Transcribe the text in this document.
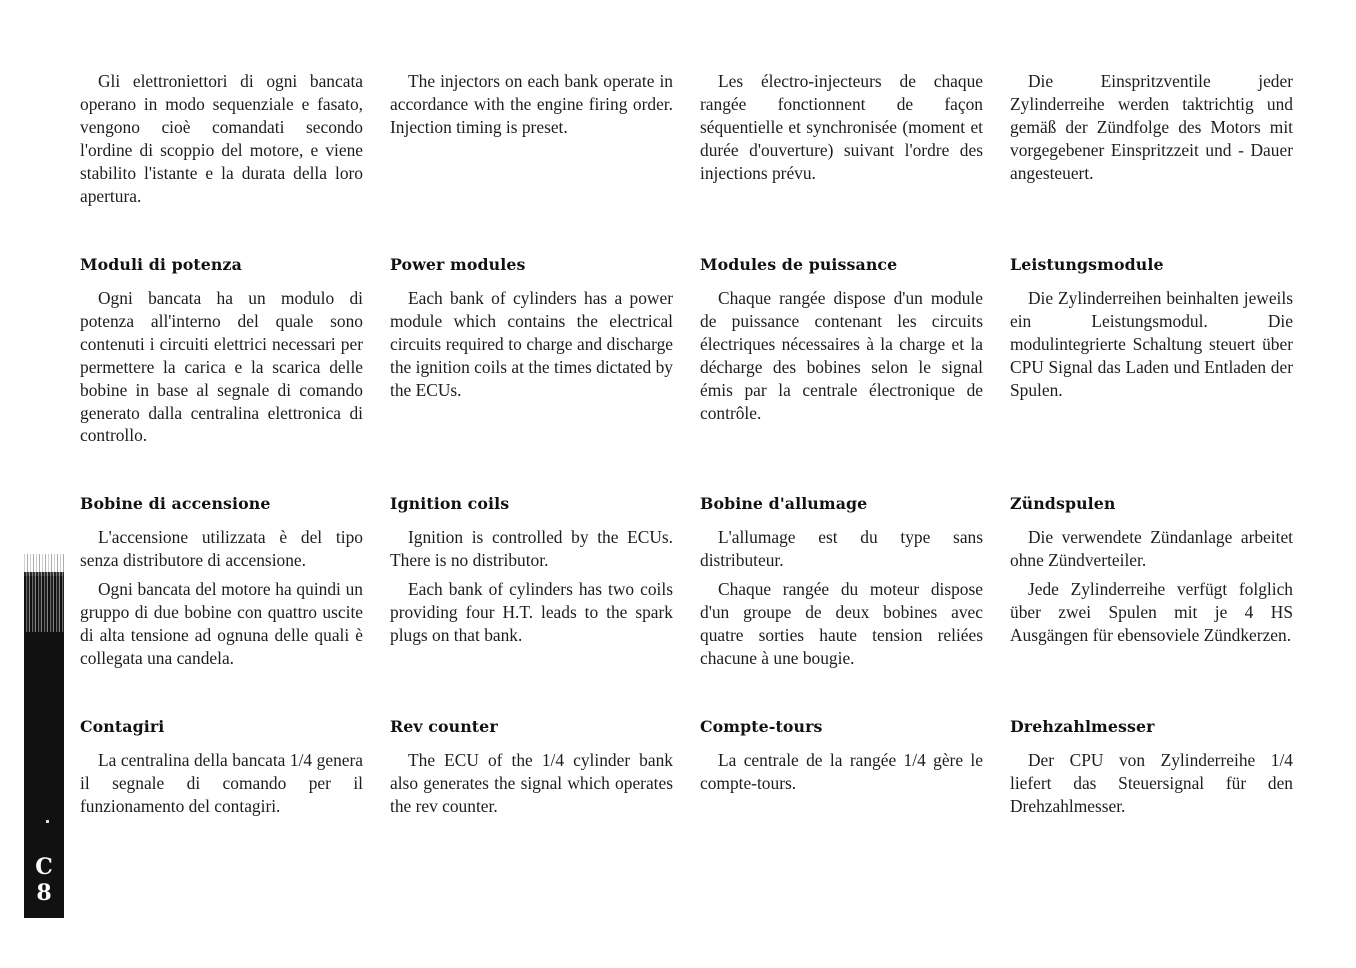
Gli elettroniettori di ogni bancata operano in modo sequenziale e fasato, vengono cioè comandati secondo l'ordine di scoppio del motore, e viene stabilito l'istante e la durata della loro apertura.

Moduli di potenza

Ogni bancata ha un modulo di potenza all'interno del quale sono contenuti i circuiti elettrici necessari per permettere la carica e la scarica delle bobine in base al segnale di comando generato dalla centralina elettronica di controllo.

Bobine di accensione

L'accensione utilizzata è del tipo senza distributore di accensione.

Ogni bancata del motore ha quindi un gruppo di due bobine con quattro uscite di alta tensione ad ognuna delle quali è collegata una candela.

Contagiri

La centralina della bancata 1/4 genera il segnale di comando per il funzionamento del contagiri.

The injectors on each bank operate in accordance with the engine firing order. Injection timing is preset.

Power modules

Each bank of cylinders has a power module which contains the electrical circuits required to charge and discharge the ignition coils at the times dictated by the ECUs.

Ignition coils

Ignition is controlled by the ECUs. There is no distributor.

Each bank of cylinders has two coils providing four H.T. leads to the spark plugs on that bank.

Rev counter

The ECU of the 1/4 cylinder bank also generates the signal which operates the rev counter.

Les électro-injecteurs de chaque rangée fonctionnent de façon séquentielle et synchronisée (moment et durée d'ouverture) suivant l'ordre des injections prévu.

Modules de puissance

Chaque rangée dispose d'un module de puissance contenant les circuits électriques nécessaires à la charge et la décharge des bobines selon le signal émis par la centrale électronique de contrôle.

Bobine d'allumage

L'allumage est du type sans distributeur.

Chaque rangée du moteur dispose d'un groupe de deux bobines avec quatre sorties haute tension reliées chacune à une bougie.

Compte-tours

La centrale de la rangée 1/4 gère le compte-tours.

Die Einspritzventile jeder Zylinderreihe werden taktrichtig und gemäß der Zündfolge des Motors mit vorgegebener Einspritzzeit und - Dauer angesteuert.

Leistungsmodule

Die Zylinderreihen beinhalten jeweils ein Leistungsmodul. Die modulintegrierte Schaltung steuert über CPU Signal das Laden und Entladen der Spulen.

Zündspulen

Die verwendete Zündanlage arbeitet ohne Zündverteiler.

Jede Zylinderreihe verfügt folglich über zwei Spulen mit je 4 HS Ausgängen für ebensoviele Zündkerzen.

Drehzahlmesser

Der CPU von Zylinderreihe 1/4 liefert das Steuersignal für den Drehzahlmesser.

C
8
